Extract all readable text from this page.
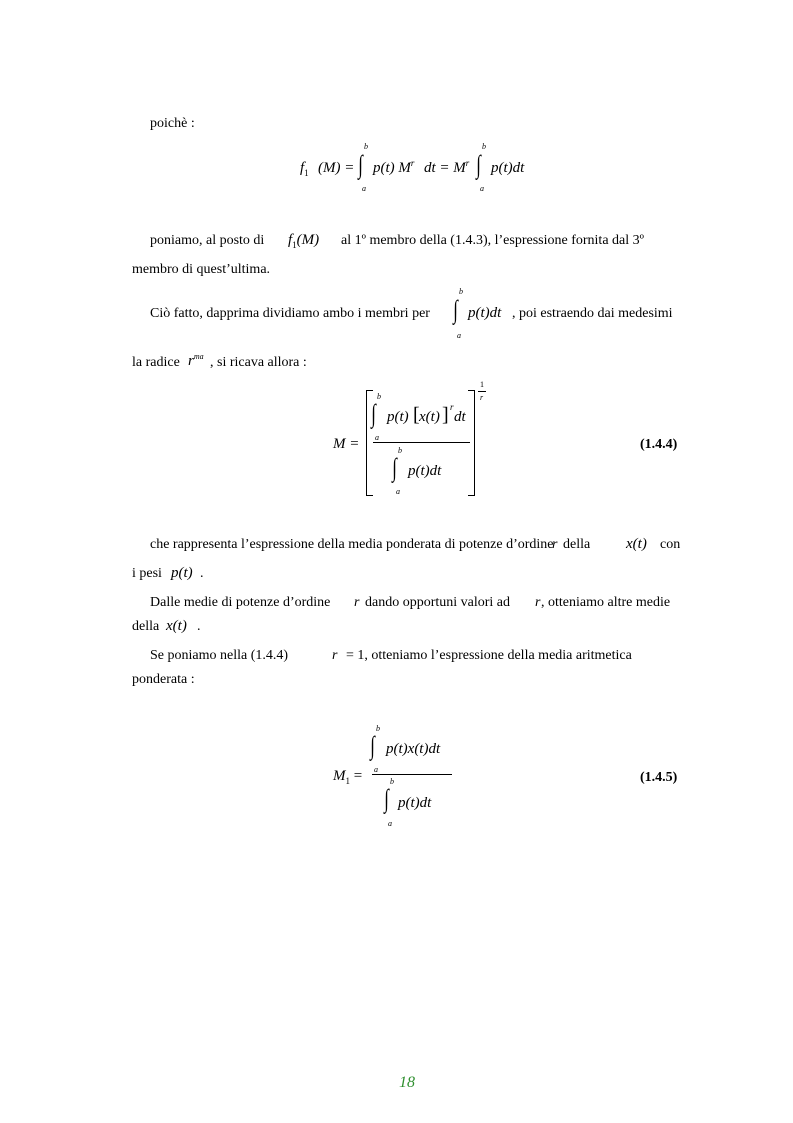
poichè :
$f_1$ (M) =
b
∫
a
p(t) $M^r$ dt = $M^r$
b
∫
a
p(t)dt
poniamo, al posto di $f_1(M)$ al 1º membro della (1.4.3), l’espressione fornita dal 3º
membro di quest’ultima.
Ciò fatto, dapprima dividiamo ambo i membri per
b
∫
a
p(t)dt , poi estraendo dai medesimi
la radice $r^{ma}$ , si ricava allora :
M =
b
∫
a
p(t) [ x(t) ] r
dt
b
∫
a
p(t)dt
1
r
(1.4.4)
che rappresenta l’espressione della media ponderata di potenze d’ordine
r della x(t) con
i pesi p(t) .
Dalle medie di potenze d’ordine r dando opportuni valori ad r , otteniamo altre medie
della x(t) .
Se poniamo nella (1.4.4)	r = 1, otteniamo l’espressione della media aritmetica
ponderata :
$M_1$ =
b
∫
a
p(t)x(t)dt
b
∫
a
p(t)dt
(1.4.5)
18
